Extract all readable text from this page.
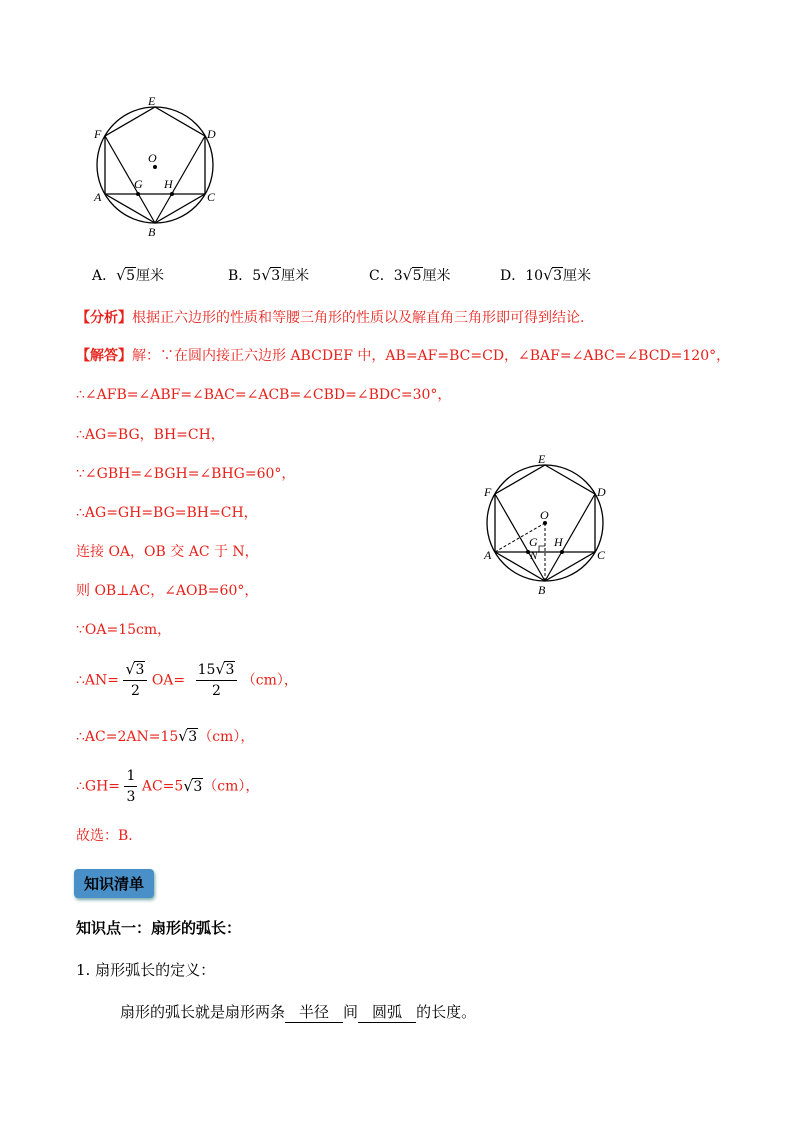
E
F	D
O
G H
A	C
B
A． √ 5厘米	B．5 √ 3厘米	C．3 √ 5厘米	D．10 √ 3厘米
【分析】根据正六边形的性质和等腰三角形的性质以及解直角三角形即可得到结论.
【解答】解：∵在圆内接正六边形 ABCDEF 中，AB=AF=BC=CD，∠BAF=∠ABC=∠BCD=120°，
∴∠AFB=∠ABF=∠BAC=∠ACB=∠CBD=∠BDC=30°，
∴AG=BG，BH=CH，
∵∠GBH=∠BGH=∠BHG=60°，
∴AG=GH=BG=BH=CH，
连接 OA，OB 交 AC 于 N，
则 OB⊥AC，∠AOB=60°，
∵OA=15cm，
∴AN= $\frac{√ 3}{2} OA= \frac{15 √ 3}{2} (cm)$，
∴AC=2AN=15 √ 3（cm），
∴GH= $\frac{1}{3} AC=5$ √ 3（cm），
故选：B.
E
F	D
O
G H
N
A	C
B
知识清单
知识点一：扇形的弧长：
1. 扇形弧长的定义：
扇形的弧长就是扇形两条 半径 间 圆弧 的长度。
